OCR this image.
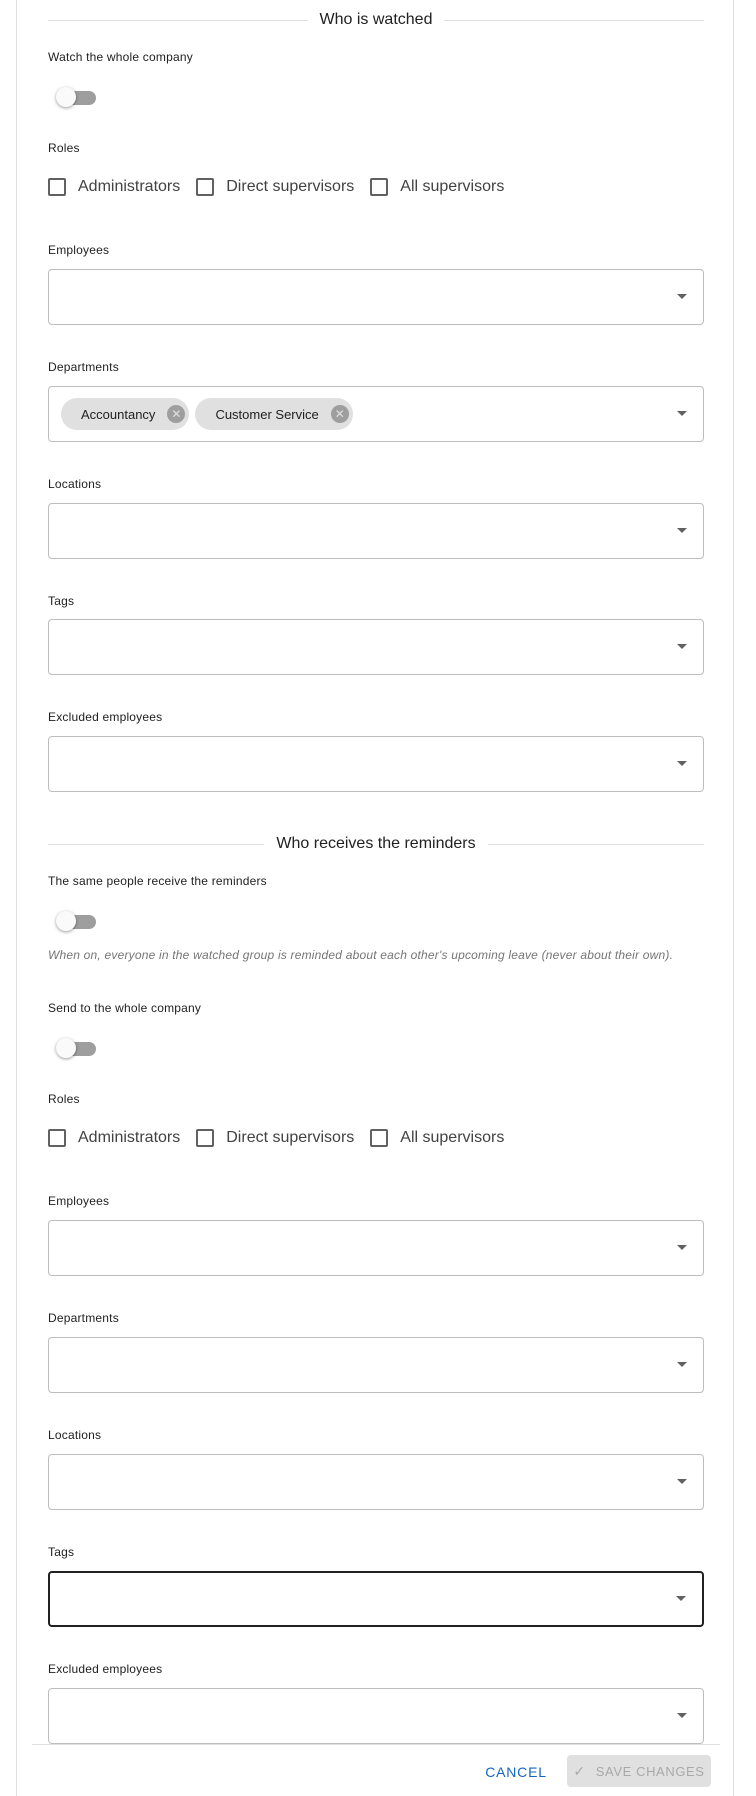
Who is watched
Watch the whole company
Roles
Administrators	Direct supervisors	All supervisors
Employees
Departments
Accountancy	✕	Customer Service	✕
Locations
Tags
Excluded employees
Who receives the reminders
The same people receive the reminders
When on, everyone in the watched group is reminded about each other's upcoming leave (never about their own).
Send to the whole company
Roles
Administrators	Direct supervisors	All supervisors
Employees
Departments
Locations
Tags
Excluded employees
CANCEL ✓ SAVE CHANGES
